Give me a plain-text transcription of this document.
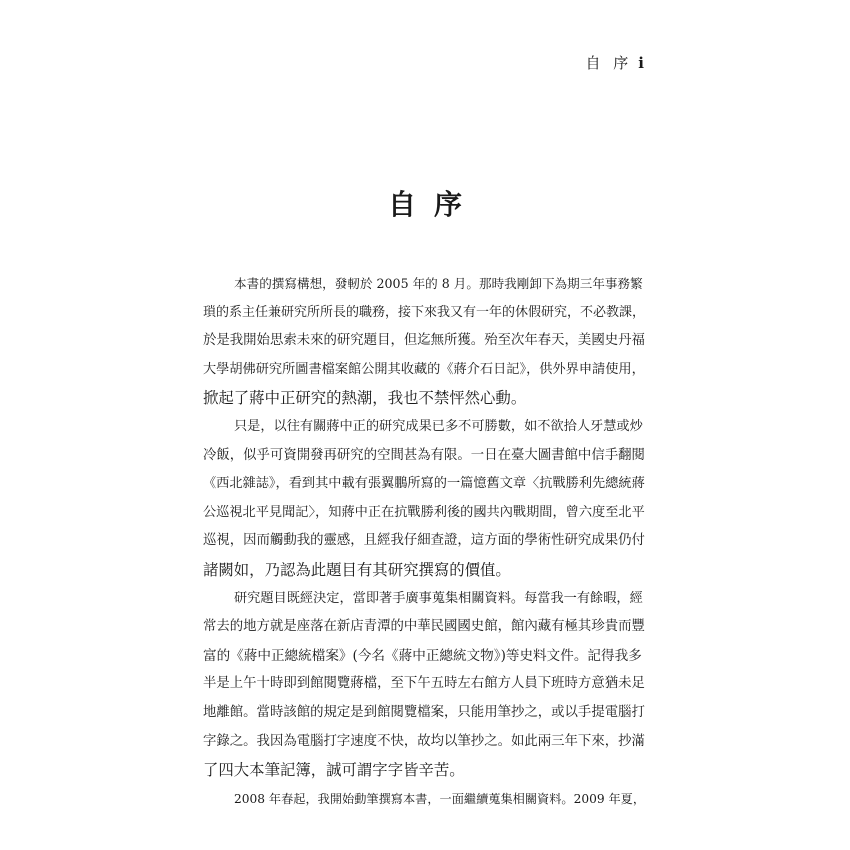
自 序 i
自序

本書的撰寫構想，發軔於 2005 年的 8 月。那時我剛卸下為期三年事務繁

瑣的系主任兼研究所所長的職務，接下來我又有一年的休假研究，不必教課，

於是我開始思索未來的研究題目，但迄無所獲。殆至次年春天，美國史丹福

大學胡佛研究所圖書檔案館公開其收藏的《蔣介石日記》，供外界申請使用，

掀起了蔣中正研究的熱潮，我也不禁怦然心動。

只是，以往有關蔣中正的研究成果已多不可勝數，如不欲拾人牙慧或炒

冷飯，似乎可資開發再研究的空間甚為有限。一日在臺大圖書館中信手翻閱

《西北雜誌》，看到其中載有張翼鵬所寫的一篇憶舊文章〈抗戰勝利先總統蔣

公巡視北平見聞記〉，知蔣中正在抗戰勝利後的國共內戰期間，曾六度至北平

巡視，因而觸動我的靈感，且經我仔細查證，這方面的學術性研究成果仍付

諸闕如，乃認為此題目有其研究撰寫的價值。

研究題目既經決定，當即著手廣事蒐集相關資料。每當我一有餘暇，經

常去的地方就是座落在新店青潭的中華民國國史館，館內藏有極其珍貴而豐

富的《蔣中正總統檔案》(今名《蔣中正總統文物》)等史料文件。記得我多

半是上午十時即到館閱覽蔣檔，至下午五時左右館方人員下班時方意猶未足

地離館。當時該館的規定是到館閱覽檔案，只能用筆抄之，或以手提電腦打

字錄之。我因為電腦打字速度不快，故均以筆抄之。如此兩三年下來，抄滿

了四大本筆記簿，誠可謂字字皆辛苦。

2008 年春起，我開始動筆撰寫本書，一面繼續蒐集相關資料。2009 年夏，
